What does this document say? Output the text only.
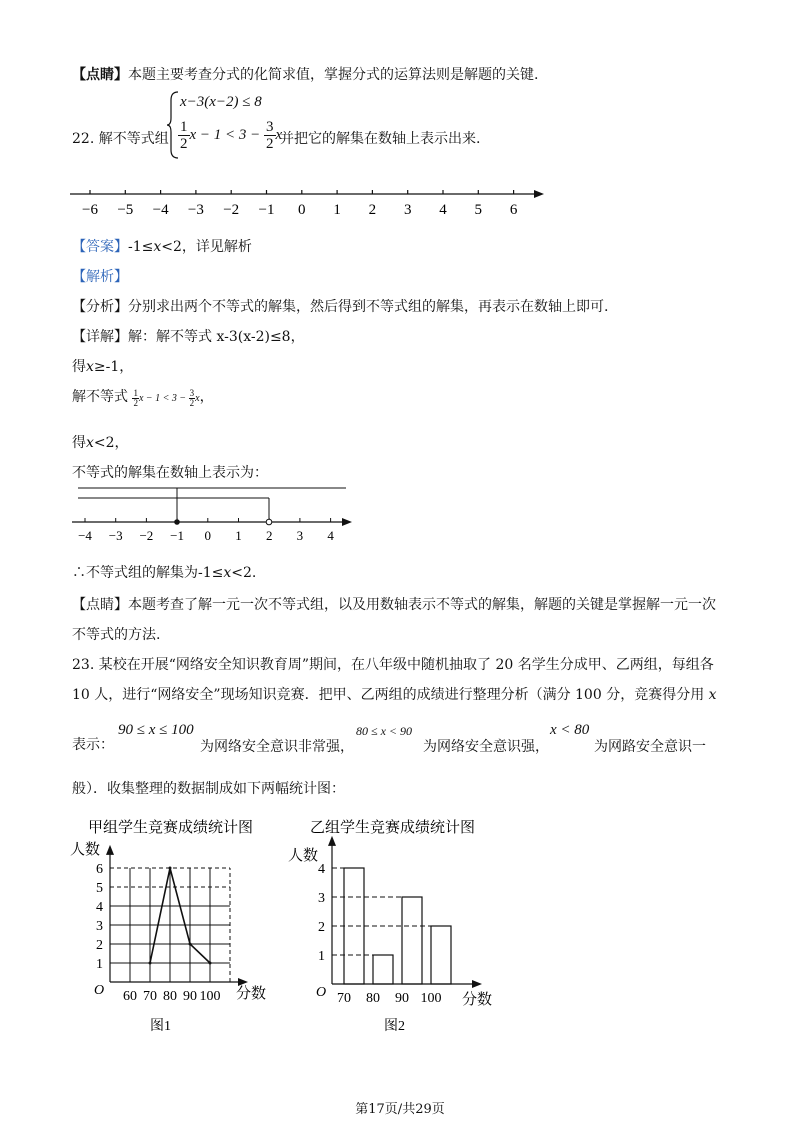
【点睛】本题主要考查分式的化简求值，掌握分式的运算法则是解题的关键.
22. 解不等式组
x−3(x−2) ≤ 8
$\frac{1}{2}$ $x - 1 < 3 - \frac{3}{2}$ x
并把它的解集在数轴上表示出来.
−6 −5 −4 −3 −2 −1 0 1 2 3 4 5 6
【答案】-1≤x<2，详见解析
【解析】
【分析】分别求出两个不等式的解集，然后得到不等式组的解集，再表示在数轴上即可.
【详解】解：解不等式 x-3(x-2)≤8，
得x≥-1，
解不等式 $\frac{1}{2}$ $x - 1 < 3 - \frac{3}{2}$ x，
得x<2，
不等式的解集在数轴上表示为：
−4 −3 −2 −1 0 1 2 3 4
∴不等式组的解集为-1≤x<2.
【点睛】本题考查了解一元一次不等式组，以及用数轴表示不等式的解集，解题的关键是掌握解一元一次
不等式的方法.
23. 某校在开展“网络安全知识教育周”期间，在八年级中随机抽取了 20 名学生分成甲、乙两组，每组各
10 人，进行“网络安全”现场知识竞赛．把甲、乙两组的成绩进行整理分析（满分 100 分，竞赛得分用 x
表示：
90 ≤ x ≤ 100
为网络安全意识非常强，
80 ≤ x < 90
为网络安全意识强，
x < 80
为网路安全意识一
般）．收集整理的数据制成如下两幅统计图：
甲组学生竞赛成绩统计图
人数
分数
O
图1
1
2
3
4
5
6
60 70 80 90 100
乙组学生竞赛成绩统计图
人数
分数
O
图2
1
2
3
4
70 80 90 100
第17页/共29页
